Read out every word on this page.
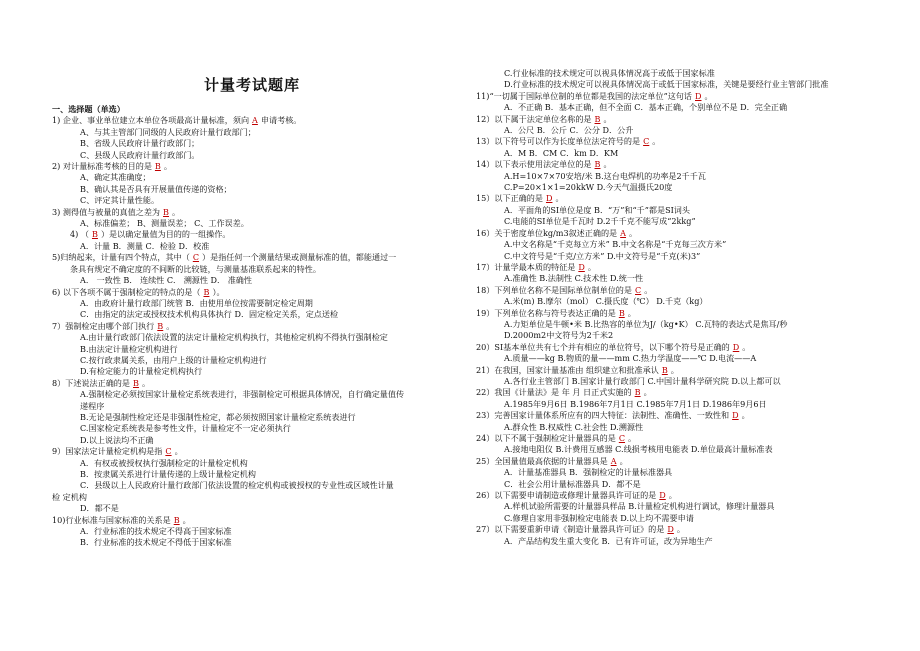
计量考试题库

一、选择题（单选）

1) 企业、事业单位建立本单位各项最高计量标准，须向 A 申请考核。

A、与其主管部门同级的人民政府计量行政部门；

B、省级人民政府计量行政部门；

C、县级人民政府计量行政部门。

2) 对计量标准考核的目的是 B 。

A、确定其准确度；

B、确认其是否具有开展量值传递的资格；

C、评定其计量性能。

3) 测得值与被量的真值之差为 B 。

A、标准偏差； B、测量误差； C、工作误差。

4) （ B ）是以确定量值为目的的一组操作。

A．计量 B．测量 C．检验 D．校准

5)归纳起来，计量有四个特点，其中（ C ）是指任何一个测量结果或测量标准的值，都能通过一

条具有规定不确定度的不间断的比较链，与测量基准联系起来的特性。

A． 一致性 B． 连续性 C． 溯源性 D． 准确性

6) 以下各项不属于强制检定的特点的是（ B ）。

A．由政府计量行政部门统管 B．由使用单位按需要制定检定周期

C．由指定的法定或授权技术机构具体执行 D．固定检定关系，定点送检

7）强制检定由哪个部门执行 B 。

A.由计量行政部门依法设置的法定计量检定机构执行，其他检定机构不得执行强制检定

B.由法定计量检定机构进行

C.按行政隶属关系，由用户上级的计量检定机构进行

D.有检定能力的计量检定机构执行

8）下述说法正确的是 B 。

A.强制检定必须按国家计量检定系统表进行，非强制检定可根据具体情况，自行确定量值传

递程序

B.无论是强制性检定还是非强制性检定，都必须按照国家计量检定系统表进行

C.国家检定系统表是参考性文件，计量检定不一定必须执行

D.以上说法均不正确

9）国家法定计量检定机构是指 C 。

A．有权或被授权执行强制检定的计量检定机构

B．按隶属关系进行计量传递的上级计量检定机构

C．县级以上人民政府计量行政部门依法设置的检定机构或被授权的专业性或区域性计量

检 定机构

D．都不是

10)行业标准与国家标准的关系是 B 。

A．行业标准的技术规定不得高于国家标准

B．行业标准的技术规定不得低于国家标准

C.行业标准的技术规定可以视具体情况高于或低于国家标准

D.行业标准的技术规定可以视具体情况高于或低于国家标准，关键是要经行业主管部门批准

11)“一切属于国际单位制的单位都是我国的法定单位”这句话 D 。

A．不正确 B．基本正确，但不全面 C．基本正确，个别单位不是 D．完全正确

12）以下属于法定单位名称的是 B 。

A．公尺 B．公斤 C．公分 D．公升

13）以下符号可以作为长度单位法定符号的是 C 。

A．M B．CM C．km D．KM

14）以下表示使用法定单位的是 B 。

A.H=10×7×70安培/米 B.这台电焊机的功率是2千千瓦

C.P=20×1×1=20kkW D.今天气温摄氏20度

15）以下正确的是 D 。

A．平面角的SI单位是度 B．“万”和“千”都是SI词头

C.电能的SI单位是千瓦时 D.2千千克不能写成“2kkg”

16）关于密度单位kg/m3叙述正确的是 A 。

A.中文名称是“千克每立方米” B.中文名称是“千克每三次方米”

C.中文符号是“千克/立方米” D.中文符号是“千克(米)3”

17）计量学最本质的特征是 D 。

A.准确性 B.法制性 C.技术性 D.统一性

18）下列单位名称不是国际单位制单位的是 C 。

A.米(m) B.摩尔（mol） C.摄氏度（℃） D.千克（kg）

19）下列单位名称与符号表达正确的是 B 。

A.力矩单位是牛顿•米 B.比热容的单位为J/（kg•K） C.瓦特的表达式是焦耳/秒

D.2000m2中文符号为2千米2

20）SI基本单位共有七个并有相应的单位符号，以下哪个符号是正确的 D 。

A.质量——kg B.物质的量——mm C.热力学温度——℃ D.电流——A

21）在我国，国家计量基准由 组织建立和批准承认 B 。

A.各行业主管部门 B.国家计量行政部门 C.中国计量科学研究院 D.以上都可以

22）我国《计量法》是 年 月 日正式实施的 B 。

A.1985年9月6日 B.1986年7月1日 C.1985年7月1日 D.1986年9月6日

23）完善国家计量体系所应有的四大特征：法制性、准确性、一致性和 D 。

A.群众性 B.权威性 C.社会性 D.溯源性

24）以下不属于强制检定计量器具的是 C 。

A.接地电阻仪 B.计费用互感器 C.线损考核用电能表 D.单位最高计量标准表

25）全国量值最高依据的计量器具是 A 。

A．计量基准器具 B．强制检定的计量标准器具

C．社会公用计量标准器具 D．都不是

26）以下需要申请制造或修理计量器具许可证的是 D 。

A.样机试验所需要的计量器具样品 B.计量检定机构进行调试，修理计量器具

C.修理自家用非强制检定电能表 D.以上均不需要申请

27）以下需要重新申请《制造计量器具许可证》的是 D 。

A．产品结构发生重大变化 B．已有许可证，改为异地生产
